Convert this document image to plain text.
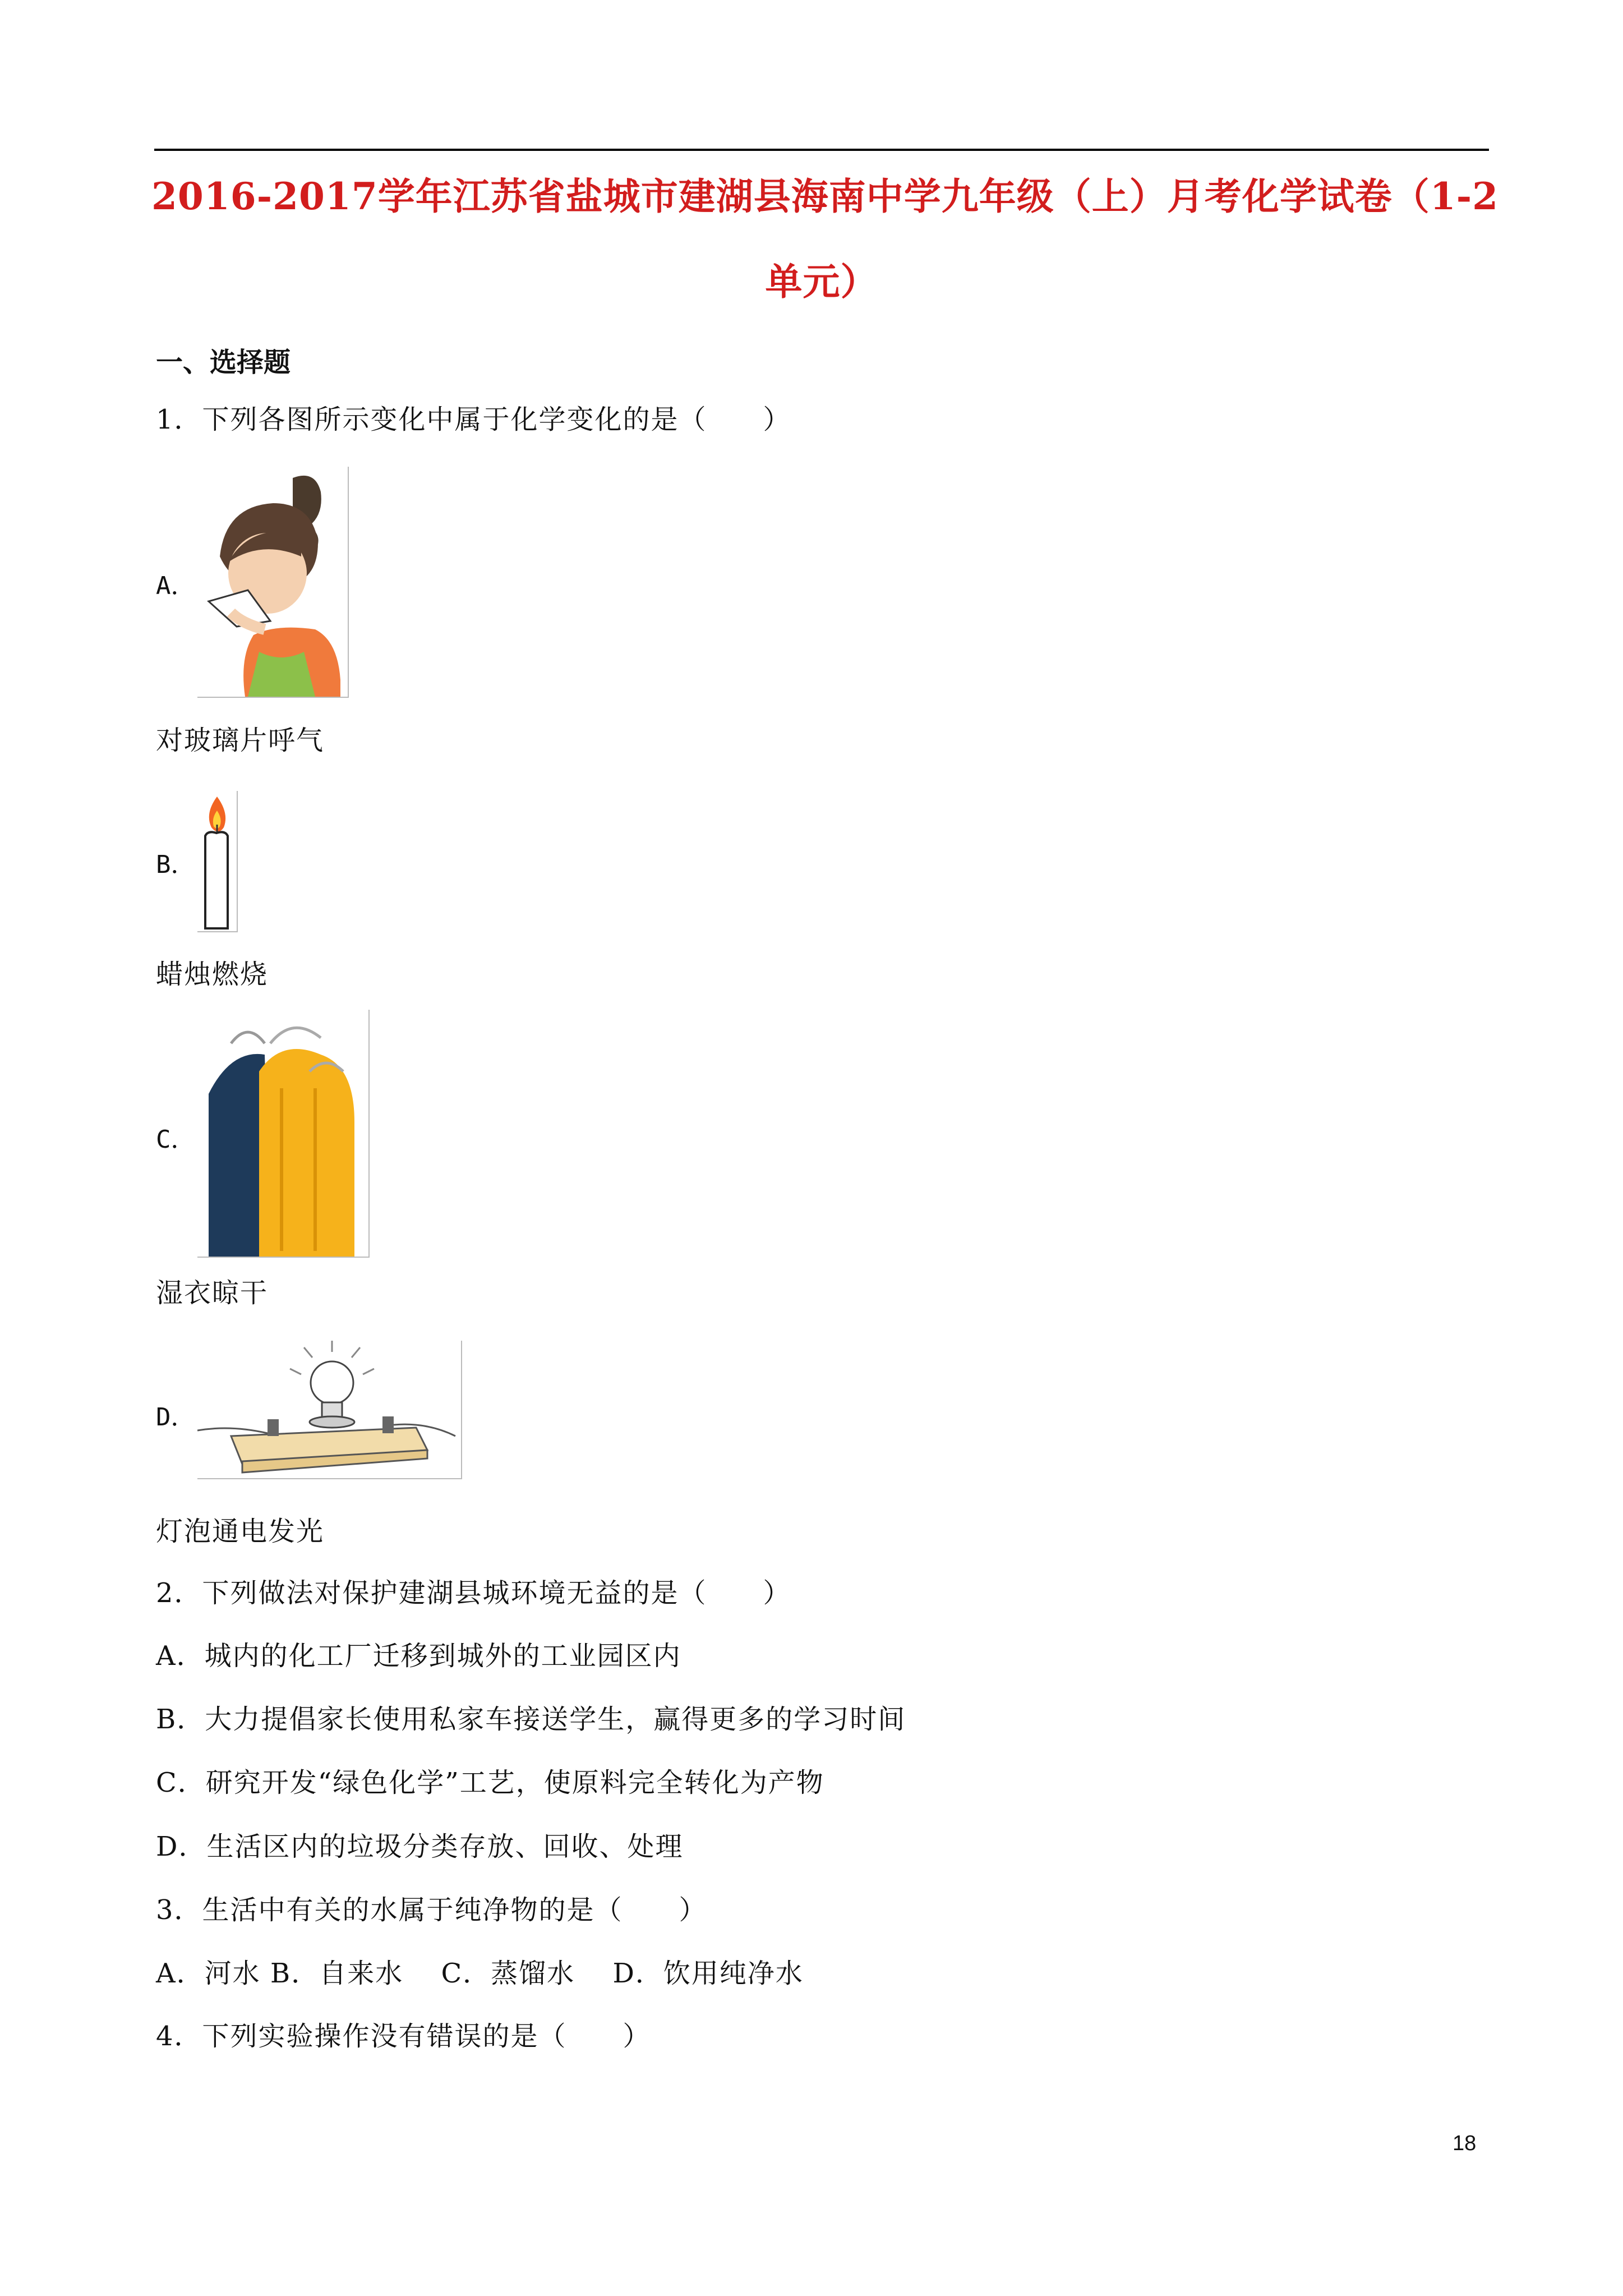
2016-2017学年江苏省盐城市建湖县海南中学九年级（上）月考化学试卷（1-2
单元）
一、选择题
1．下列各图所示变化中属于化学变化的是（　　）
A．
对玻璃片呼气
B．
蜡烛燃烧
C．
湿衣晾干
D．
灯泡通电发光
2．下列做法对保护建湖县城环境无益的是（　　）
A．城内的化工厂迁移到城外的工业园区内
B．大力提倡家长使用私家车接送学生，赢得更多的学习时间
C．研究开发“绿色化学”工艺，使原料完全转化为产物
D．生活区内的垃圾分类存放、回收、处理
3．生活中有关的水属于纯净物的是（　　）
A．河水 B．自来水　 C．蒸馏水　 D．饮用纯净水
4．下列实验操作没有错误的是（　　）
18
